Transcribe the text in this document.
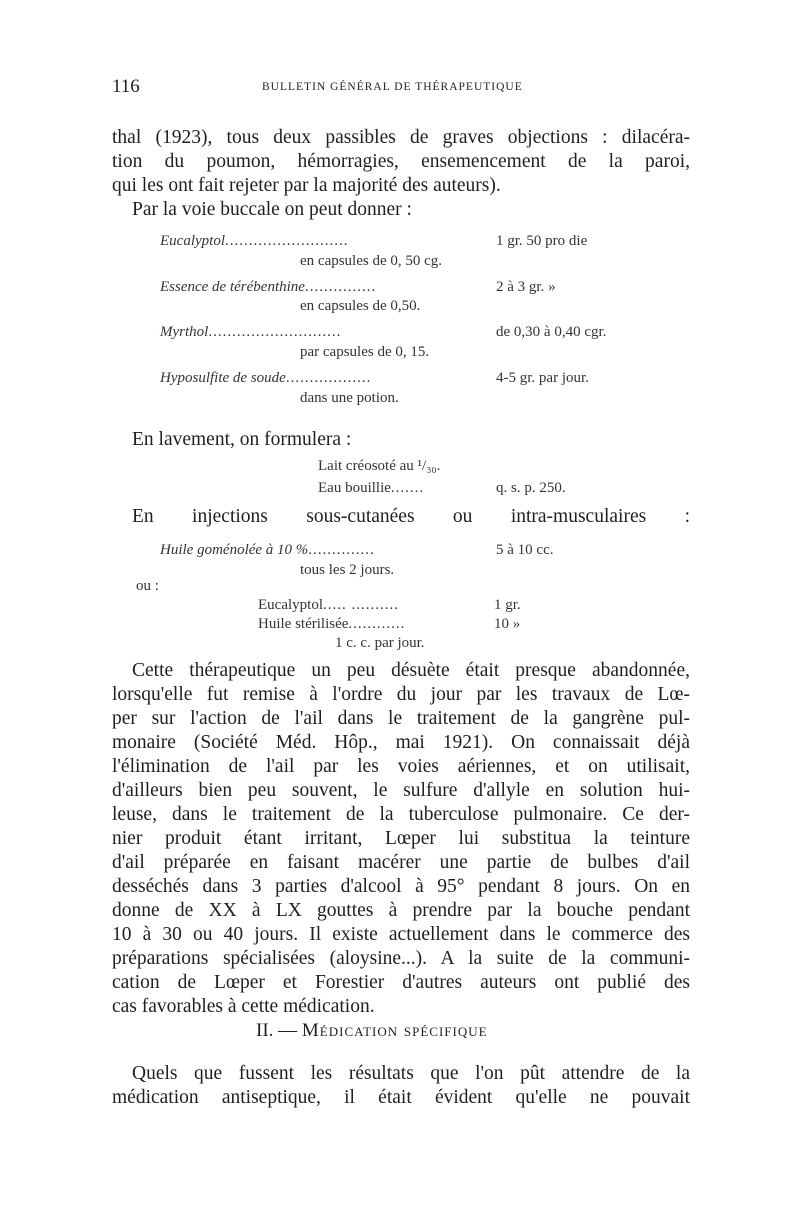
116	BULLETIN GÉNÉRAL DE THÉRAPEUTIQUE
thal (1923), tous deux passibles de graves objections : dilacéra-
tion du poumon, hémorragies, ensemencement de la paroi,
qui les ont fait rejeter par la majorité des auteurs).
Par la voie buccale on peut donner :
Eucalyptol..........................	1 gr. 50 pro die
en capsules de 0, 50 cg.
Essence de térébenthine...............	2 à 3 gr. »
en capsules de 0,50.
Myrthol............................	de 0,30 à 0,40 cgr.
par capsules de 0, 15.
Hyposulfite de soude..................	4-5 gr. par jour.
dans une potion.
En lavement, on formulera :
Lait créosoté au ¹/₃₀.
Eau bouillie.......	q. s. p. 250.
En injections sous-cutanées ou intra-musculaires :
Huile goménolée à 10 %..............	5 à 10 cc.
tous les 2 jours.
ou :
Eucalyptol..... ..........	1 gr.
Huile stérilisée............	10 »
1 c. c. par jour.
Cette thérapeutique un peu désuète était presque abandonnée,
lorsqu'elle fut remise à l'ordre du jour par les travaux de Lœ-
per sur l'action de l'ail dans le traitement de la gangrène pul-
monaire (Société Méd. Hôp., mai 1921). On connaissait déjà
l'élimination de l'ail par les voies aériennes, et on utilisait,
d'ailleurs bien peu souvent, le sulfure d'allyle en solution hui-
leuse, dans le traitement de la tuberculose pulmonaire. Ce der-
nier produit étant irritant, Lœper lui substitua la teinture
d'ail préparée en faisant macérer une partie de bulbes d'ail
desséchés dans 3 parties d'alcool à 95° pendant 8 jours. On en
donne de XX à LX gouttes à prendre par la bouche pendant
10 à 30 ou 40 jours. Il existe actuellement dans le commerce des
préparations spécialisées (aloysine...). A la suite de la communi-
cation de Lœper et Forestier d'autres auteurs ont publié des
cas favorables à cette médication.
II. — Médication spécifique
Quels que fussent les résultats que l'on pût attendre de la
médication antiseptique, il était évident qu'elle ne pouvait
